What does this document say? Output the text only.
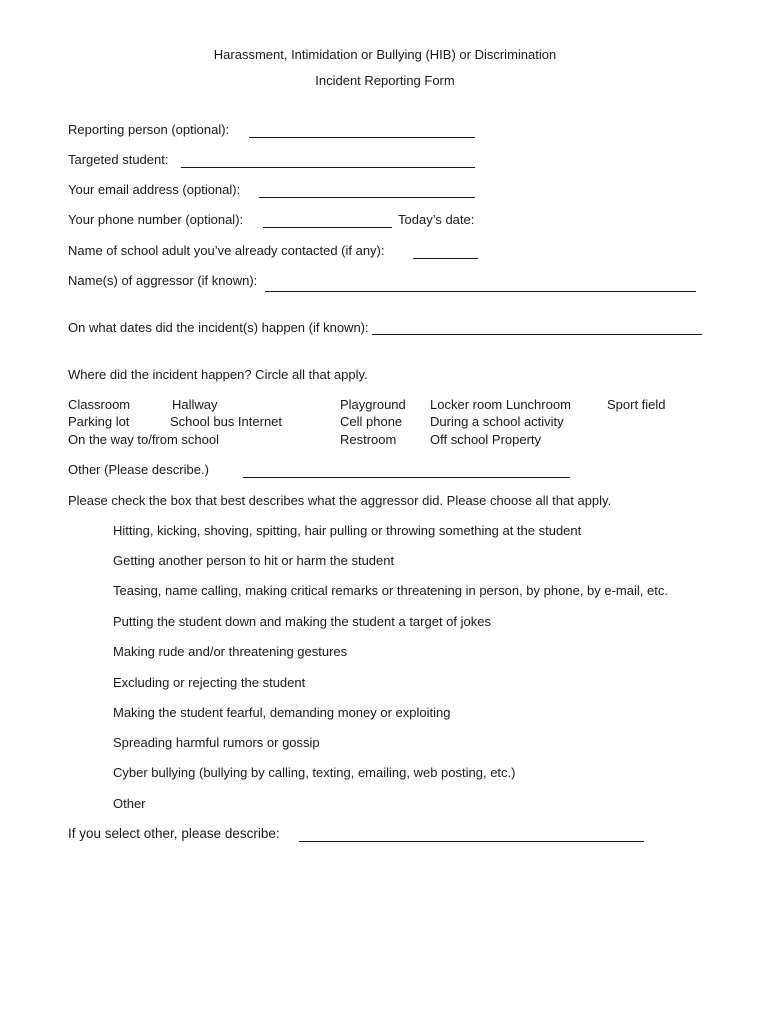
Harassment, Intimidation or Bullying (HIB) or Discrimination
Incident Reporting Form
Reporting person (optional):
Targeted student:
Your email address (optional):
Your phone number (optional):	Today’s date:
Name of school adult you’ve already contacted (if any):
Name(s) of aggressor (if known):
On what dates did the incident(s) happen (if known):
Where did the incident happen? Circle all that apply.
Classroom
Parking lot
On the way to/from school
Hallway
School bus Internet
Playground
Cell phone
Restroom
Locker room Lunchroom
During a school activity
Off school Property
Sport field
Other (Please describe.)
Please check the box that best describes what the aggressor did. Please choose all that apply.
Hitting, kicking, shoving, spitting, hair pulling or throwing something at the student
Getting another person to hit or harm the student
Teasing, name calling, making critical remarks or threatening in person, by phone, by e-mail, etc.
Putting the student down and making the student a target of jokes
Making rude and/or threatening gestures
Excluding or rejecting the student
Making the student fearful, demanding money or exploiting
Spreading harmful rumors or gossip
Cyber bullying (bullying by calling, texting, emailing, web posting, etc.)
Other
If you select other, please describe:
